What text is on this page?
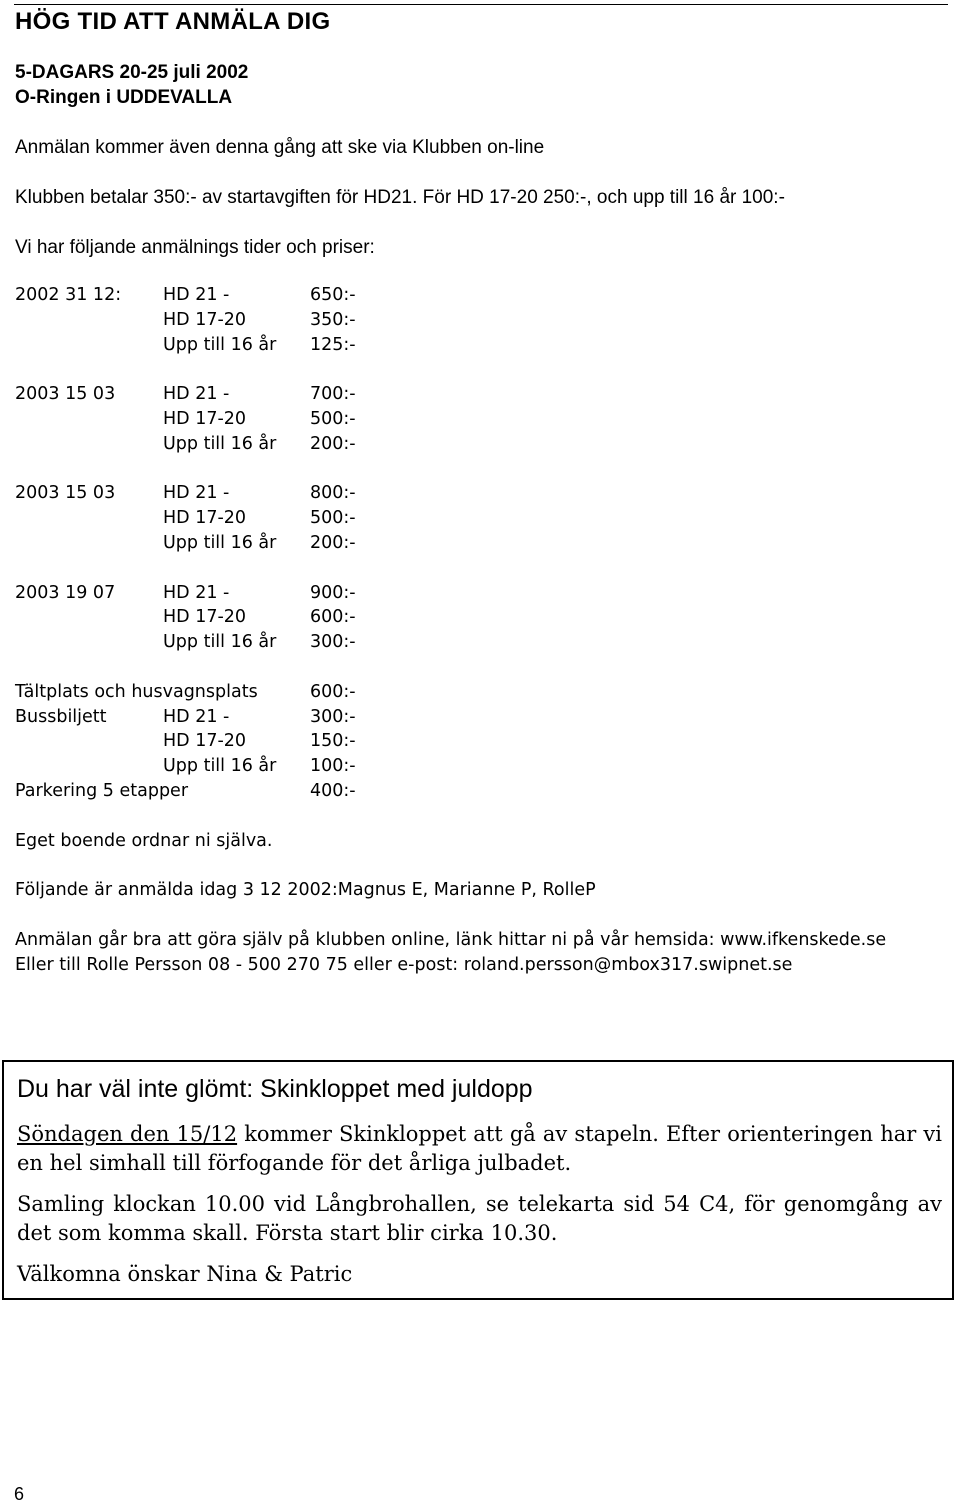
HÖG TID ATT ANMÄLA DIG
5-DAGARS 20-25 juli 2002
O-Ringen i UDDEVALLA
Anmälan kommer även denna gång att ske via Klubben on-line
Klubben betalar 350:- av startavgiften för HD21. För HD 17-20 250:-, och upp till 16 år 100:-
Vi har följande anmälnings tider och priser:
2002 31 12: HD 21 -	650:-
HD 17-20	350:-
Upp till 16 år 125:-
2003 15 03	HD 21 -	700:-
HD 17-20	500:-
Upp till 16 år 200:-
2003 15 03	HD 21 -	800:-
HD 17-20	500:-
Upp till 16 år 200:-
2003 19 07	HD 21 -	900:-
HD 17-20	600:-
Upp till 16 år 300:-
Tältplats och husvagnsplats	600:-
Bussbiljett	HD 21 -	300:-
HD 17-20	150:-
Upp till 16 år 100:-
Parkering 5 etapper	400:-
Eget boende ordnar ni själva.
Följande är anmälda idag 3 12 2002:Magnus E, Marianne P, RolleP
Anmälan går bra att göra själv på klubben online, länk hittar ni på vår hemsida: www.ifkenskede.se
Eller till Rolle Persson 08 - 500 270 75 eller e-post: roland.persson@mbox317.swipnet.se
Du har väl inte glömt: Skinkloppet med juldopp
Söndagen den 15/12 kommer Skinkloppet att gå av stapeln. Efter orienteringen har vi en hel simhall till förfogande för det årliga julbadet.
Samling klockan 10.00 vid Långbrohallen, se telekarta sid 54 C4, för genomgång av det som komma skall. Första start blir cirka 10.30.
Välkomna önskar Nina & Patric
6
